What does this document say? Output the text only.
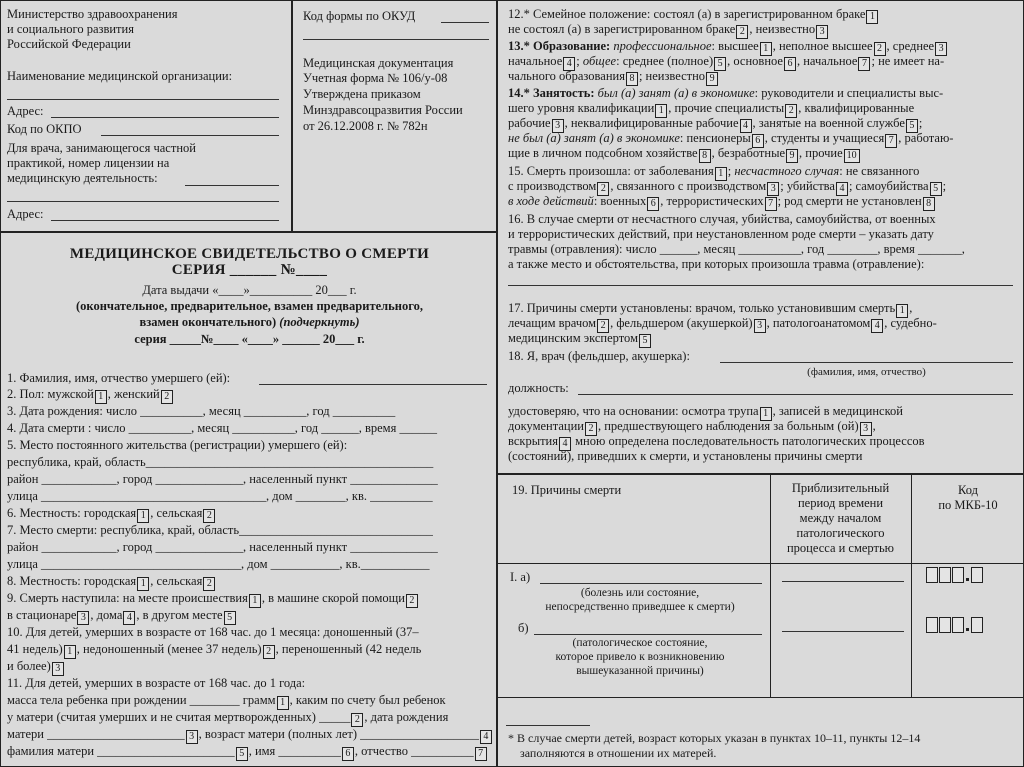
Министерство здравоохранения
и социального развития
Российской Федерации
Наименование медицинской организации:
Адрес:
Код по ОКПО
Для врача, занимающегося частной
практикой, номер лицензии на
медицинскую деятельность:
Адрес:
Код формы по ОКУД
Медицинская документация
Учетная форма № 106/у-08
Утверждена приказом
Минздравсоцразвития России
от 26.12.2008 г. № 782н
МЕДИЦИНСКОЕ СВИДЕТЕЛЬСТВО О СМЕРТИ
СЕРИЯ ______ №____
Дата выдачи «____»__________ 20___ г.
(окончательное, предварительное, взамен предварительного,
взамен окончательного) (подчеркнуть)
серия _____№____ «____» ______ 20___ г.
1. Фамилия, имя, отчество умершего (ей):
2. Пол: мужской 1 , женский 2
3. Дата рождения: число __________, месяц __________, год __________
4. Дата смерти : число __________, месяц __________, год ______, время ______
5. Место постоянного жительства (регистрации) умершего (ей):
республика, край, область______________________________________________
район ____________, город ______________, населенный пункт ______________
улица ____________________________________, дом ________, кв. __________
6. Местность: городская 1 , сельская 2
7. Место смерти: республика, край, область_______________________________
район ____________, город ______________, населенный пункт ______________
улица ________________________________, дом ___________, кв.___________
8. Местность: городская 1 , сельская 2
9. Смерть наступила: на месте происшествия 1 , в машине скорой помощи 2
в стационаре 3 , дома 4 , в другом месте 5
10. Для детей, умерших в возрасте от 168 час. до 1 месяца: доношенный (37–
41 недель) 1 , недоношенный (менее 37 недель) 2 , переношенный (42 недель
и более) 3
11. Для детей, умерших в возрасте от 168 час. до 1 года:
масса тела ребенка при рождении ________ грамм 1 , каким по счету был ребенок
у матери (считая умерших и не считая мертворожденных) _____ 2 , дата рождения
матери ______________________ 3 , возраст матери (полных лет) ___________________ 4
фамилия матери ______________________ 5 , имя __________ 6 , отчество __________ 7
12.* Семейное положение: состоял (а) в зарегистрированном браке 1
не состоял (а) в зарегистрированном браке 2 , неизвестно 3
13.* Образование: профессиональное: высшее 1 , неполное высшее 2 , среднее 3
начальное 4 ; общее: среднее (полное) 5 , основное 6 , начальное 7 ; не имеет на-
чального образования 8 ; неизвестно 9
14.* Занятость: был (а) занят (а) в экономике: руководители и специалисты выс-
шего уровня квалификации 1 , прочие специалисты 2 , квалифицированные
рабочие 3 , неквалифицированные рабочие 4 , занятые на военной службе 5 ;
не был (а) занят (а) в экономике: пенсионеры 6 , студенты и учащиеся 7 , работаю-
щие в личном подсобном хозяйстве 8 , безработные 9 , прочие 10
15. Смерть произошла: от заболевания 1 ; несчастного случая: не связанного
с производством 2 , связанного с производством 3 ; убийства 4 ; самоубийства 5 ;
в ходе действий: военных 6 , террористических 7 ; род смерти не установлен 8
16. В случае смерти от несчастного случая, убийства, самоубийства, от военных
и террористических действий, при неустановленном роде смерти – указать дату
травмы (отравления): число ______, месяц __________, год ________, время _______,
а также место и обстоятельства, при которых произошла травма (отравление):
17. Причины смерти установлены: врачом, только установившим смерть 1 ,
лечащим врачом 2 , фельдшером (акушеркой) 3 , патологоанатомом 4 , судебно-
медицинским экспертом 5
18. Я, врач (фельдшер, акушерка):
(фамилия, имя, отчество)
должность:
удостоверяю, что на основании: осмотра трупа 1 , записей в медицинской
документации 2 , предшествующего наблюдения за больным (ой) 3 ,
вскрытия 4 мною определена последовательность патологических процессов
(состояний), приведших к смерти, и установлены причины смерти
19. Причины смерти	Приблизительный
период времени
между началом
патологического
процесса и смертью
Код
по МКБ-10
I. а)
(болезнь или состояние,
непосредственно приведшее к смерти)
б)
(патологическое состояние,
которое привело к возникновению
вышеуказанной причины)
* В случае смерти детей, возраст которых указан в пунктах 10–11, пункты 12–14
заполняются в отношении их матерей.
